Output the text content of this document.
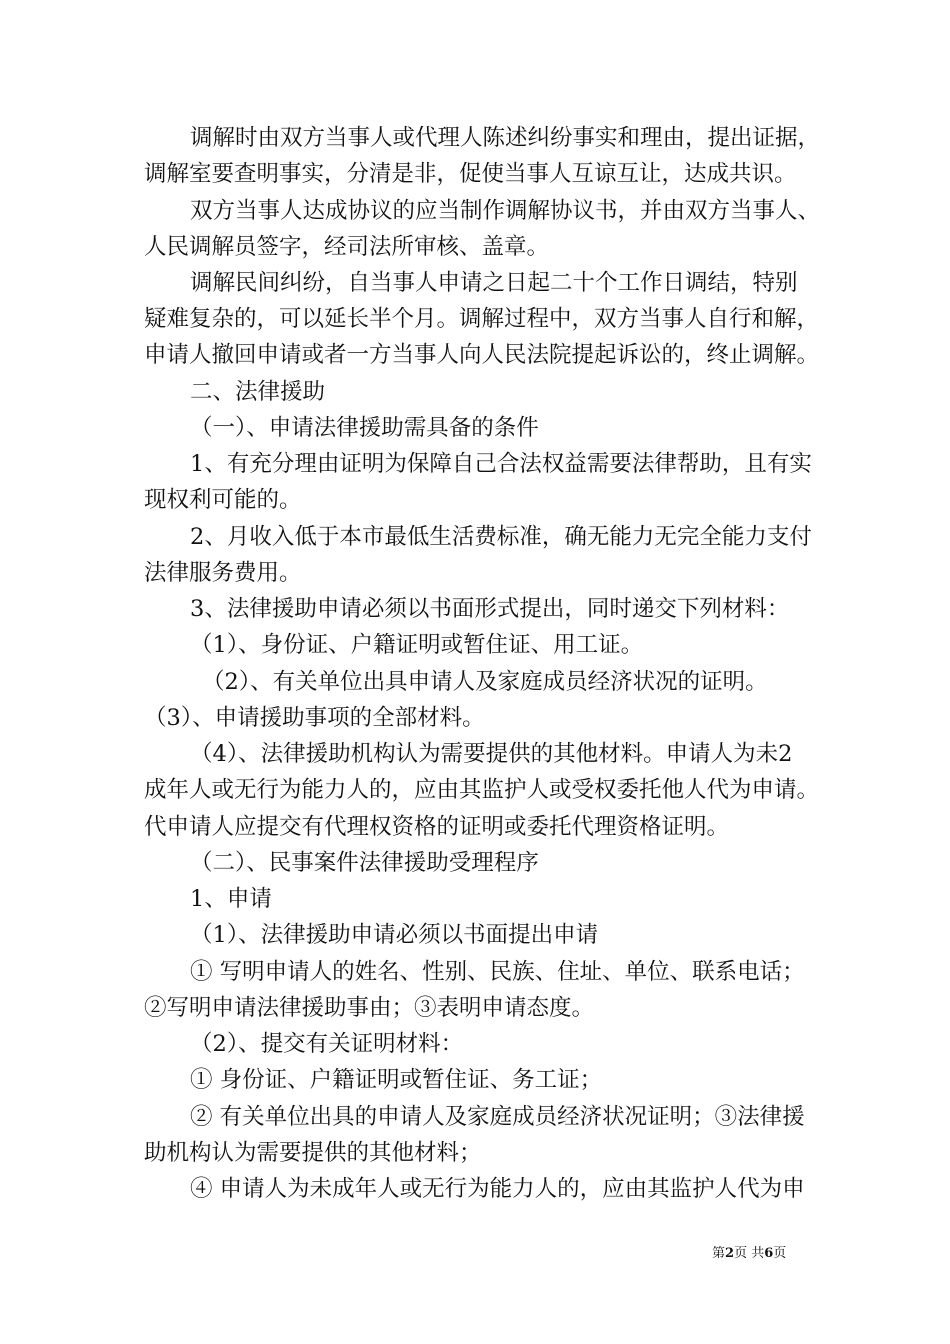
调解时由双方当事人或代理人陈述纠纷事实和理由，提出证据，
调解室要查明事实，分清是非，促使当事人互谅互让，达成共识。
双方当事人达成协议的应当制作调解协议书，并由双方当事人、
人民调解员签字，经司法所审核、盖章。
调解民间纠纷，自当事人申请之日起二十个工作日调结，特别
疑难复杂的，可以延长半个月。调解过程中，双方当事人自行和解，
申请人撤回申请或者一方当事人向人民法院提起诉讼的，终止调解。
二、法律援助
（一）、申请法律援助需具备的条件
1、有充分理由证明为保障自己合法权益需要法律帮助，且有实
现权利可能的。
2、月收入低于本市最低生活费标准，确无能力无完全能力支付
法律服务费用。
3、法律援助申请必须以书面形式提出，同时递交下列材料：
（1）、身份证、户籍证明或暂住证、用工证。
（2）、有关单位出具申请人及家庭成员经济状况的证明。
（3）、申请援助事项的全部材料。
（4）、法律援助机构认为需要提供的其他材料。申请人为未2
成年人或无行为能力人的，应由其监护人或受权委托他人代为申请。
代申请人应提交有代理权资格的证明或委托代理资格证明。
（二）、民事案件法律援助受理程序
1、申请
（1）、法律援助申请必须以书面提出申请
① 写明申请人的姓名、性别、民族、住址、单位、联系电话；
②写明申请法律援助事由；③表明申请态度。
（2）、提交有关证明材料：
① 身份证、户籍证明或暂住证、务工证；
② 有关单位出具的申请人及家庭成员经济状况证明；③法律援
助机构认为需要提供的其他材料；
④ 申请人为未成年人或无行为能力人的，应由其监护人代为申
第2页 共6页
